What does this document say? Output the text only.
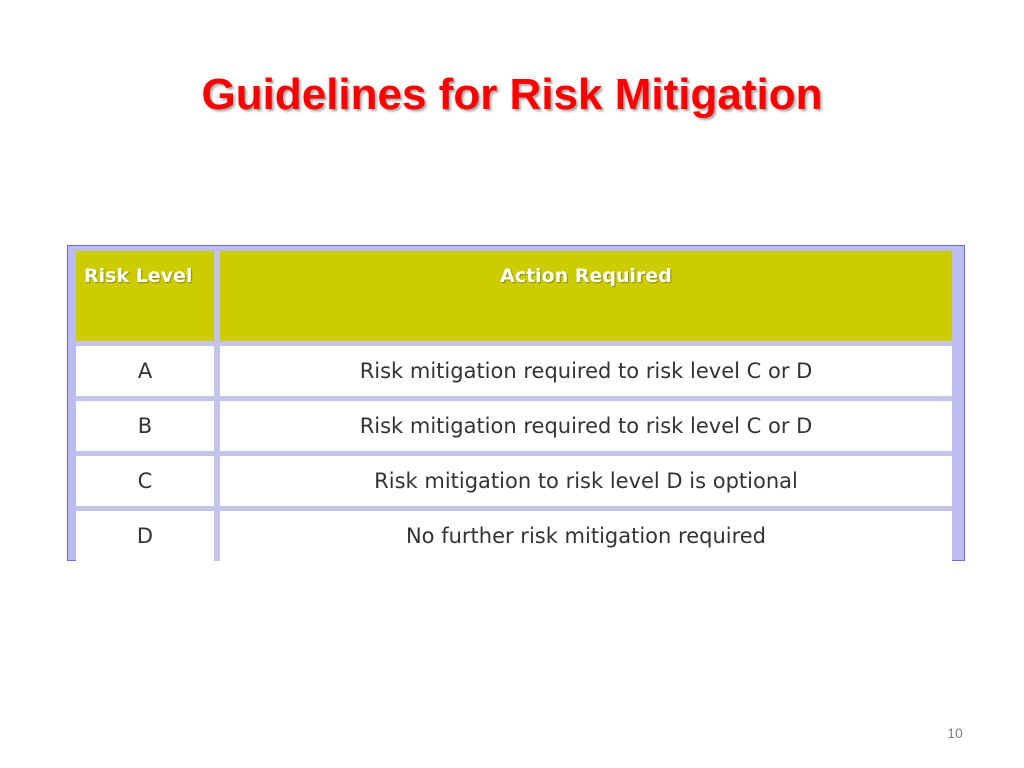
Guidelines for Risk Mitigation
Risk Level	Action Required
A	Risk mitigation required to risk level C or D
B	Risk mitigation required to risk level C or D
C	Risk mitigation to risk level D is optional
D	No further risk mitigation required
10
